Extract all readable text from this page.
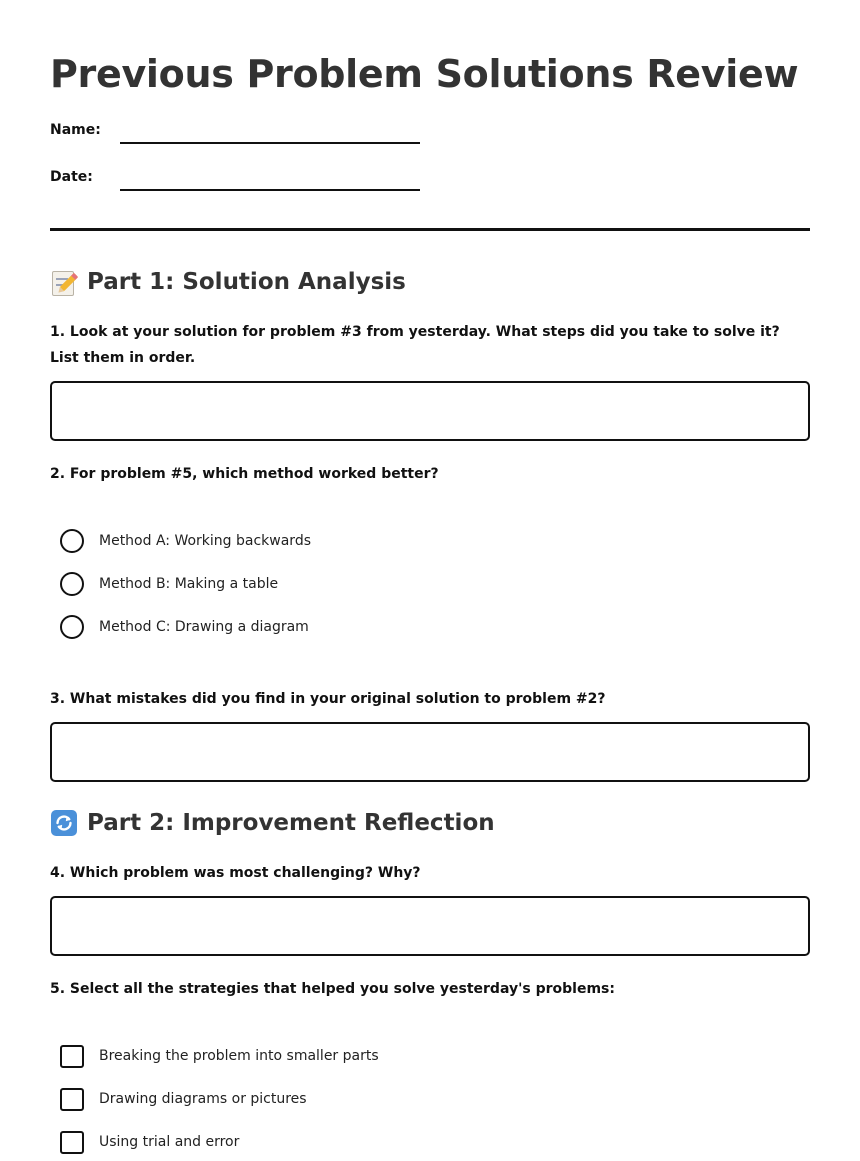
Previous Problem Solutions Review
Name:
Date:
Part 1: Solution Analysis

1. Look at your solution for problem #3 from yesterday. What steps did you take to solve it? List them in order.

2. For problem #5, which method worked better?

Method A: Working backwards
Method B: Making a table
Method C: Drawing a diagram

3. What mistakes did you find in your original solution to problem #2?

Part 2: Improvement Reflection

4. Which problem was most challenging? Why?

5. Select all the strategies that helped you solve yesterday's problems:

Breaking the problem into smaller parts
Drawing diagrams or pictures
Using trial and error
